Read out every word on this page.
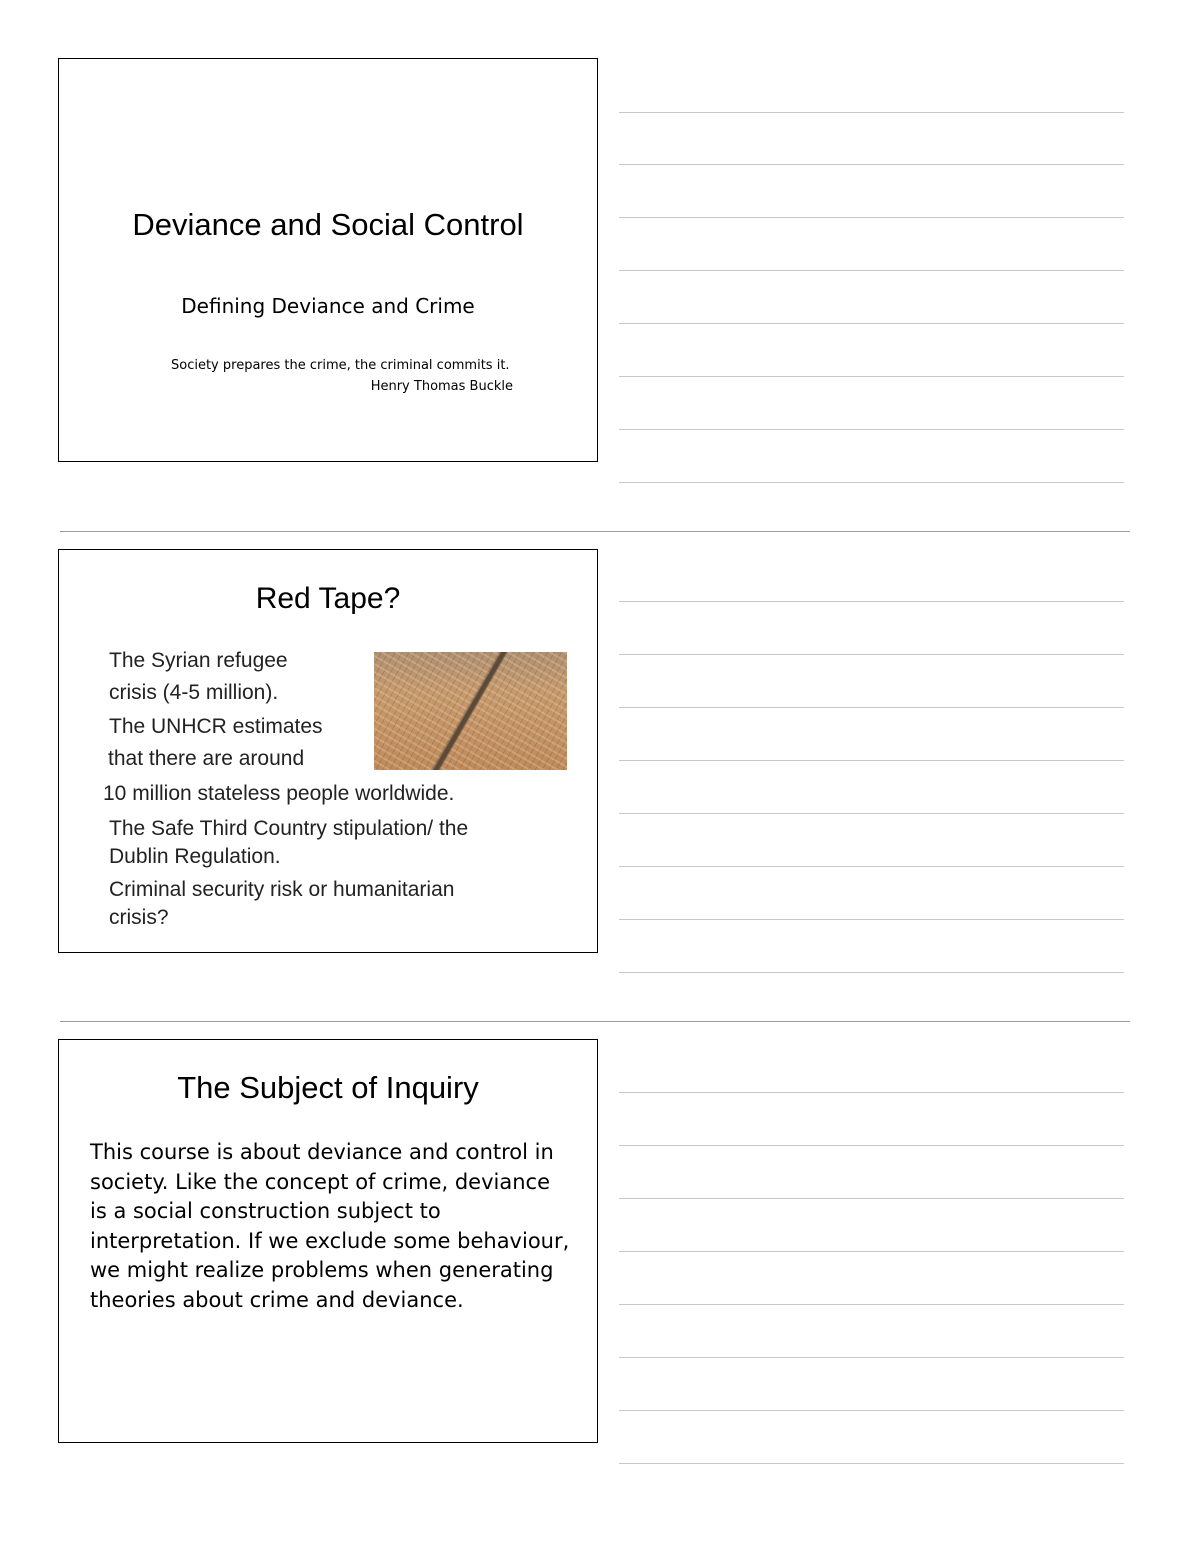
Deviance and Social Control
Defining Deviance and Crime
Society prepares the crime, the criminal commits it.
Henry Thomas Buckle
Red Tape?
The Syrian refugee
crisis (4-5 million).
The UNHCR estimates
that there are around
10 million stateless people worldwide.
The Safe Third Country stipulation/ the
Dublin Regulation.
Criminal security risk or humanitarian
crisis?
The Subject of Inquiry
This course is about deviance and control in society. Like the concept of crime, deviance is a social construction subject to interpretation. If we exclude some behaviour, we might realize problems when generating theories about crime and deviance.
